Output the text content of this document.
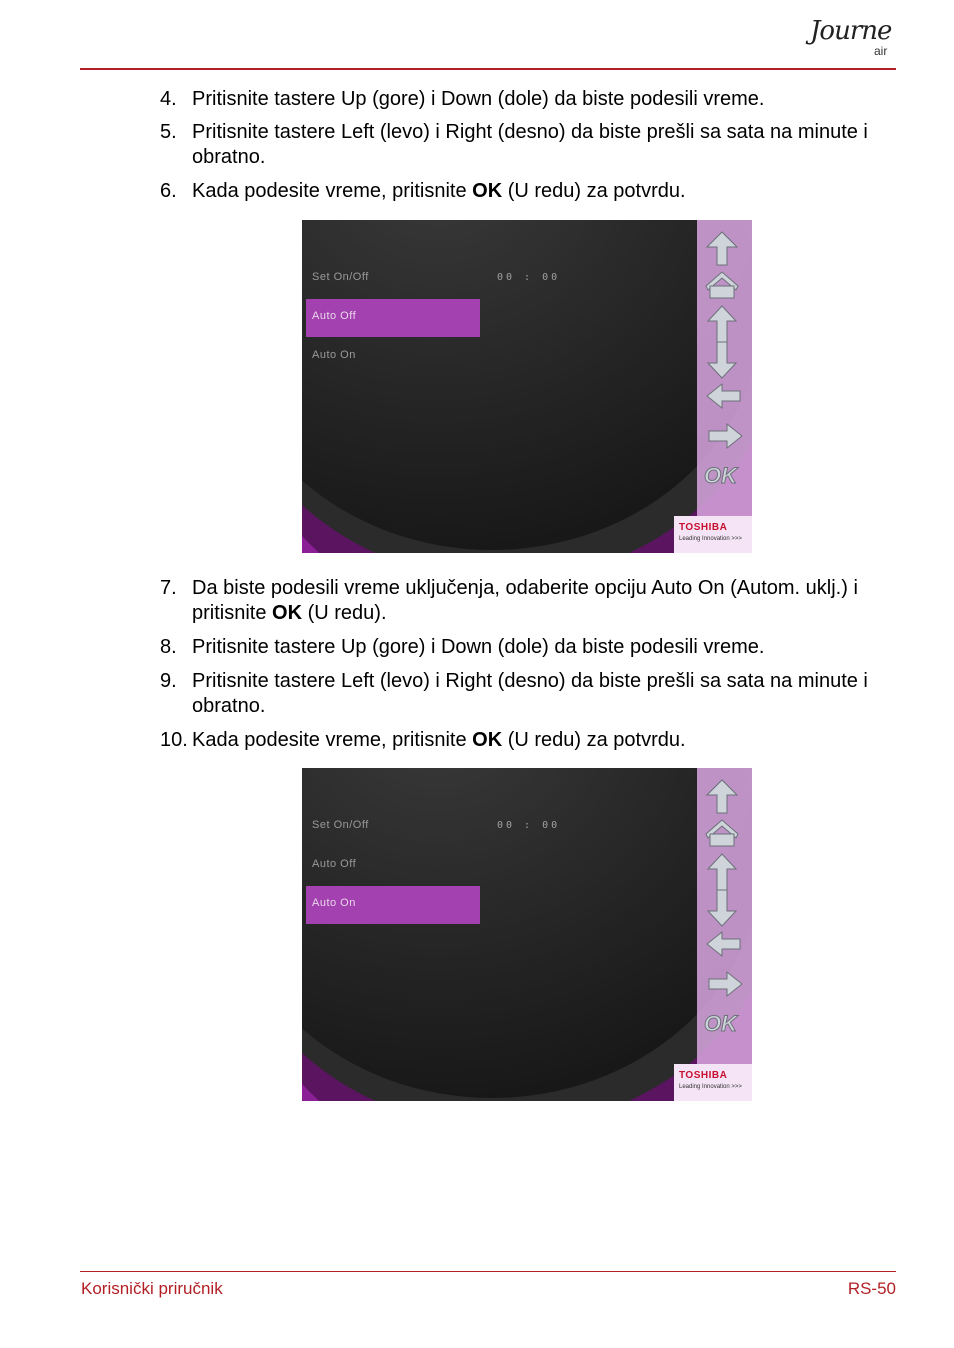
Journe
air
4. Pritisnite tastere Up (gore) i Down (dole) da biste podesili vreme.
5. Pritisnite tastere Left (levo) i Right (desno) da biste prešli sa sata na minute i obratno.
6. Kada podesite vreme, pritisnite OK (U redu) za potvrdu.
Set On/Off
Auto Off
Auto On
00 : 00
OK
TOSHIBA
Leading Innovation >>>
7. Da biste podesili vreme uključenja, odaberite opciju Auto On (Autom. uklj.) i pritisnite OK (U redu).
8. Pritisnite tastere Up (gore) i Down (dole) da biste podesili vreme.
9. Pritisnite tastere Left (levo) i Right (desno) da biste prešli sa sata na minute i obratno.
10. Kada podesite vreme, pritisnite OK (U redu) za potvrdu.
Set On/Off
Auto Off
Auto On
00 : 00
OK
TOSHIBA
Leading Innovation >>>
Korisnički priručnik	RS-50
